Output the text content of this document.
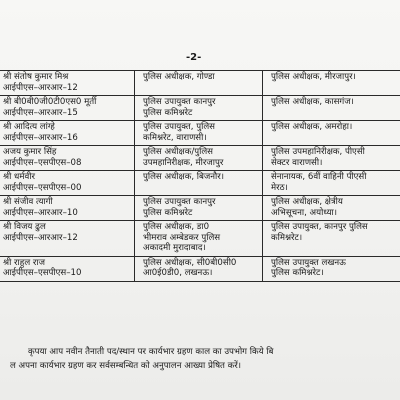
-2-
श्री संतोष कुमार मिश्र
आईपीएस–आरआर–12	पुलिस अधीक्षक, गोण्डा	पुलिस अधीक्षक, मीरजापुर।

श्री बी0बी0जी0टी0एस0 मूर्ती
आईपीएस–आरआर–15	पुलिस उपायुक्त कानपुर
पुलिस कमिश्नरेट	पुलिस अधीक्षक, कासगंज।

श्री आदित्य लांग्हे
आईपीएस–आरआर–16	पुलिस उपायुक्त, पुलिस
कमिश्नरेट, वाराणसी।	पुलिस अधीक्षक, अमरोहा।

अजय कुमार सिंह
आईपीएस–एसपीएस–08	पुलिस अधीक्षक/पुलिस
उपमहानिरीक्षक, मीरजापुर	पुलिस उपमहानिरीक्षक, पीएसी
सेक्टर वाराणसी।

श्री धर्मवीर
आईपीएस–एसपीएस–00	पुलिस अधीक्षक, बिजनौर।	सेनानायक, 6वीं वाहिनी पीएसी
मेरठ।

श्री संजीव त्यागी
आईपीएस–आरआर–10	पुलिस उपायुक्त कानपुर
पुलिस कमिश्नरेट	पुलिस अधीक्षक, क्षेत्रीय
अभिसूचना, अयोध्या।

श्री विजय ढुल
आईपीएस–आरआर–12	पुलिस अधीक्षक, डा0
भीमराव अम्बेडकर पुलिस
अकादमी मुरादाबाद।	पुलिस उपायुक्त, कानपुर पुलिस
कमिश्नरेट।

श्री राहुल राज
आईपीएस–एसपीएस–10	पुलिस अधीक्षक, सी0बी0सी0
आ0ई0डी0, लखनऊ।	पुलिस उपायुक्त लखनऊ
पुलिस कमिश्नरेट।
कृपया आप नवीन तैनाती पद/स्थान पर कार्यभार ग्रहण काल का उपभोग किये बि
ल अपना कार्यभार ग्रहण कर सर्वसम्बन्धित को अनुपालन आख्या प्रेषित करें।
